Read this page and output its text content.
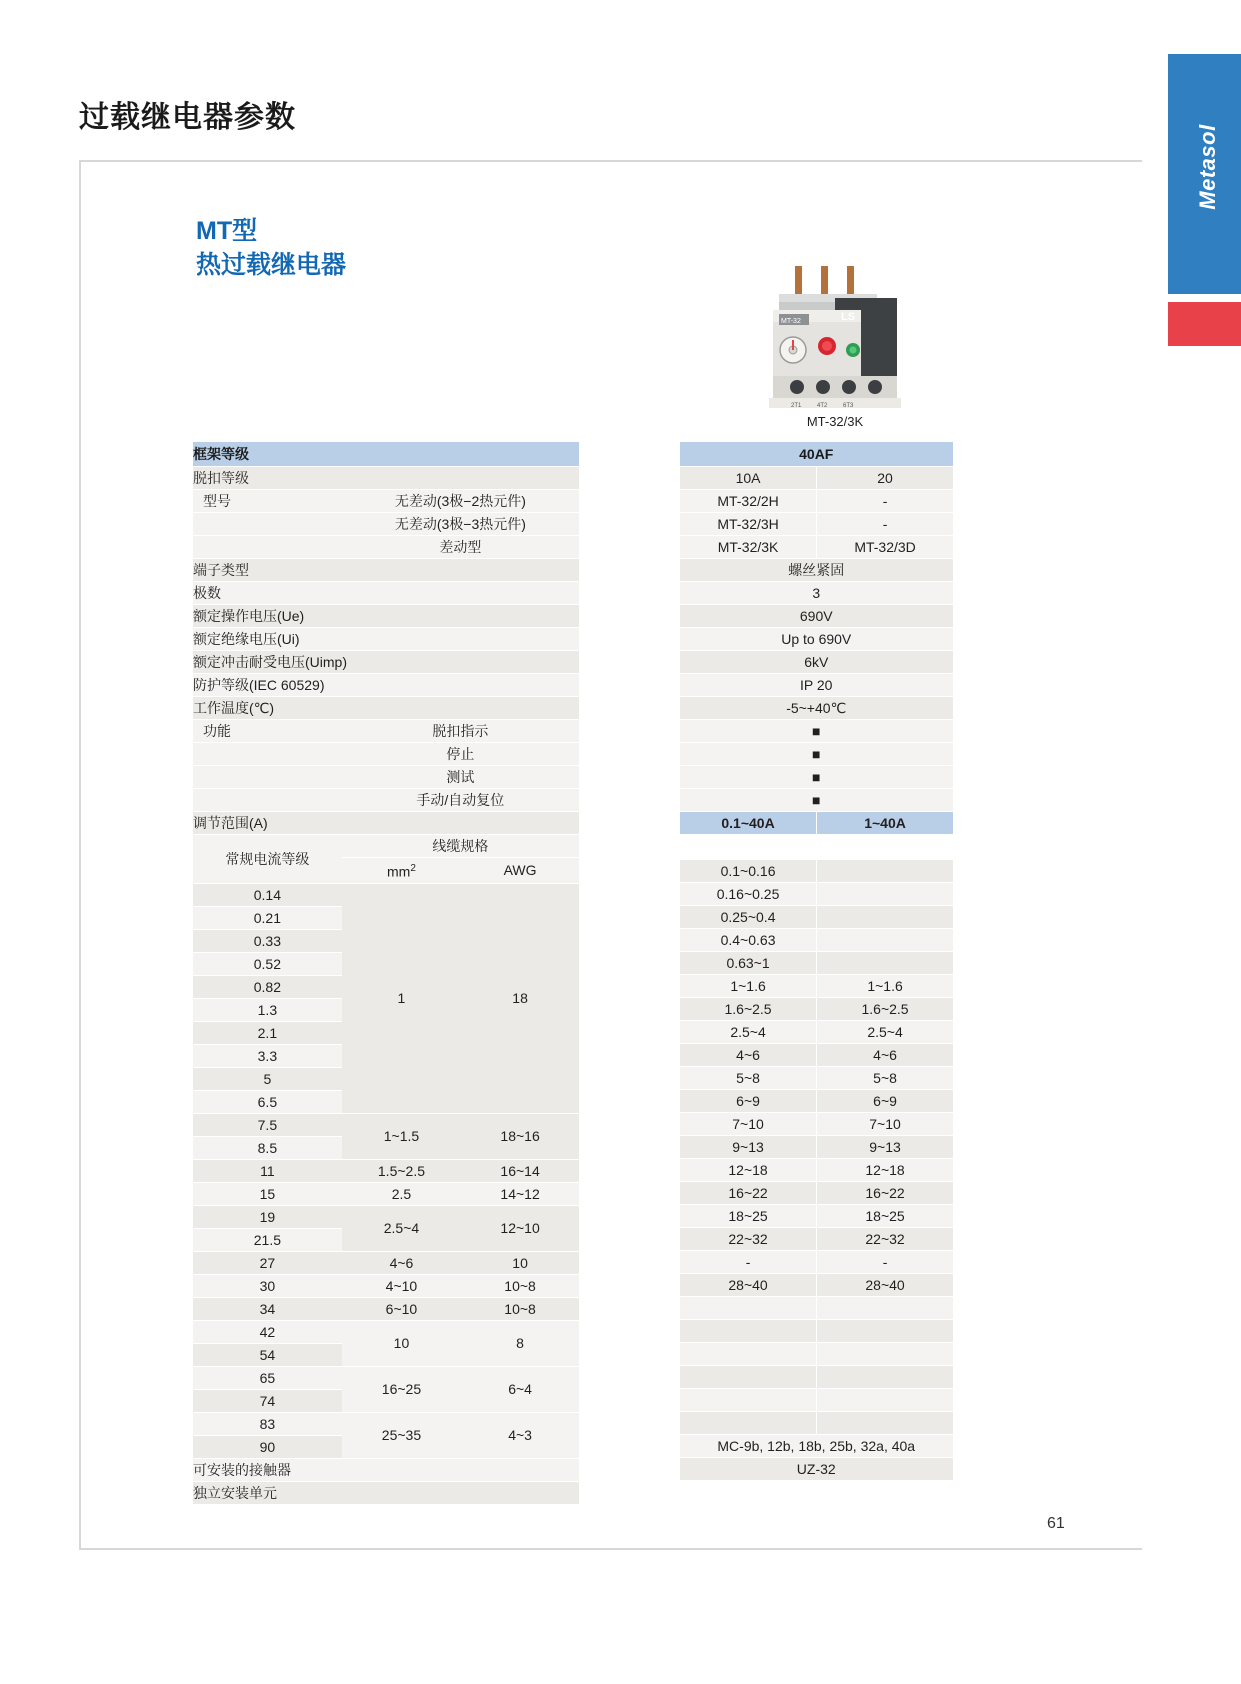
Metasol
过载继电器参数
MT型
热过载继电器
61
MT-32	LS
2T1	4T2	6T3
MT-32/3K
框架等级		
脱扣等级		
型号	无差动(3极−2热元件)	
	无差动(3极−3热元件)	
	差动型	
端子类型		
极数		
额定操作电压(Ue)		
额定绝缘电压(Ui)		
额定冲击耐受电压(Uimp)		
防护等级(IEC 60529)		
工作温度(℃)		
功能	脱扣指示	
	停止	
	测试	
	手动/自动复位	
调节范围(A)		
常规电流等级	线缆规格	
	$mm^2$	AWG
0.14	1	18
0.21		
0.33		
0.52		
0.82		
1.3		
2.1		
3.3		
5		
6.5		
7.5	1~1.5	18~16
8.5		
11	1.5~2.5	16~14
15	2.5	14~12
19	2.5~4	12~10
21.5		
27	4~6	10
30	4~10	10~8
34	6~10	10~8
42	10	8
54		
65	16~25	6~4
74		
83	25~35	4~3
90		
可安装的接触器		
独立安装单元		
40AF	
10A	20
MT-32/2H	-
MT-32/3H	-
MT-32/3K	MT-32/3D
螺丝紧固	
3	
690V	
Up to 690V	
6kV	
IP 20	
-5~+40℃	
■	
■	
■	
■	
0.1~40A	1~40A

0.1~0.16	
0.16~0.25	
0.25~0.4	
0.4~0.63	
0.63~1	
1~1.6	1~1.6
1.6~2.5	1.6~2.5
2.5~4	2.5~4
4~6	4~6
5~8	5~8
6~9	6~9
7~10	7~10
9~13	9~13
12~18	12~18
16~22	16~22
18~25	18~25
22~32	22~32
-	-
28~40	28~40

MC-9b, 12b, 18b, 25b, 32a, 40a	
UZ-32	
